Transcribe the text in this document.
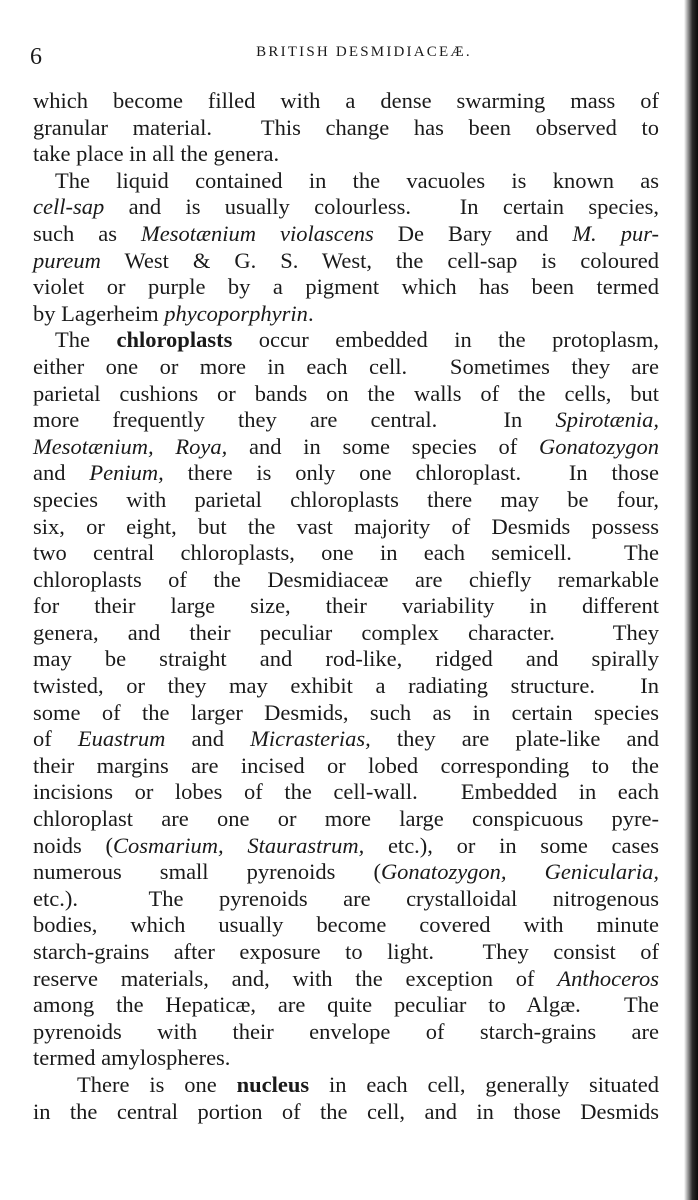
6	BRITISH DESMIDIACEÆ.
which become filled with a dense swarming mass of
granular material.  This change has been observed to
take place in all the genera.
The liquid contained in the vacuoles is known as
cell-sap and is usually colourless.  In certain species,
such as Mesotænium violascens De Bary and M. pur-
pureum West & G. S. West, the cell-sap is coloured
violet or purple by a pigment which has been termed
by Lagerheim phycoporphyrin.
The chloroplasts occur embedded in the protoplasm,
either one or more in each cell.  Sometimes they are
parietal cushions or bands on the walls of the cells, but
more frequently they are central.  In Spirotænia,
Mesotænium, Roya, and in some species of Gonatozygon
and Penium, there is only one chloroplast.  In those
species with parietal chloroplasts there may be four,
six, or eight, but the vast majority of Desmids possess
two central chloroplasts, one in each semicell.  The
chloroplasts of the Desmidiaceæ are chiefly remarkable
for their large size, their variability in different
genera, and their peculiar complex character.  They
may be straight and rod-like, ridged and spirally
twisted, or they may exhibit a radiating structure.  In
some of the larger Desmids, such as in certain species
of Euastrum and Micrasterias, they are plate-like and
their margins are incised or lobed corresponding to the
incisions or lobes of the cell-wall.  Embedded in each
chloroplast are one or more large conspicuous pyre-
noids (Cosmarium, Staurastrum, etc.), or in some cases
numerous small pyrenoids (Gonatozygon, Genicularia,
etc.).  The pyrenoids are crystalloidal nitrogenous
bodies, which usually become covered with minute
starch-grains after exposure to light.  They consist of
reserve materials, and, with the exception of Anthoceros
among the Hepaticæ, are quite peculiar to Algæ.  The
pyrenoids with their envelope of starch-grains are
termed amylospheres.
There is one nucleus in each cell, generally situated
in the central portion of the cell, and in those Desmids
